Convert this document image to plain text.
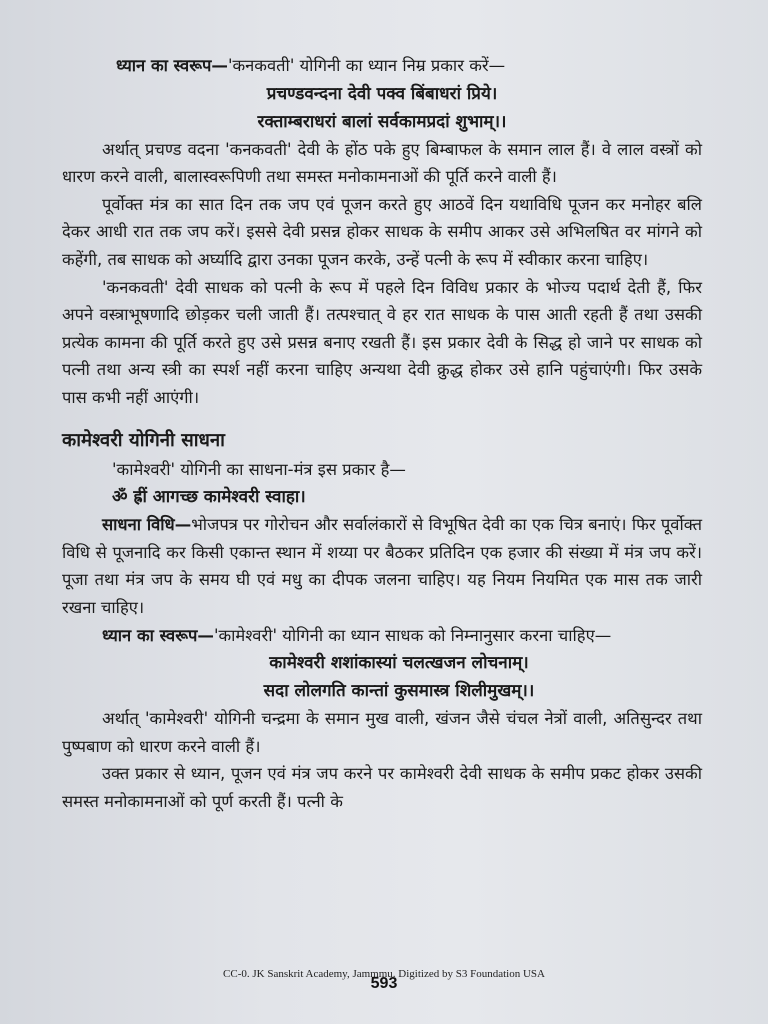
ध्यान का स्वरूप—'कनकवती' योगिनी का ध्यान निम्र प्रकार करें—
प्रचण्डवन्दना देवी पक्व बिंबाधरां प्रिये।
रक्ताम्बराधरां बालां सर्वकामप्रदां शुभाम्।।

अर्थात् प्रचण्ड वदना 'कनकवती' देवी के होंठ पके हुए बिम्बाफल के समान लाल हैं। वे लाल वस्त्रों को धारण करने वाली, बालास्वरूपिणी तथा समस्त मनोकामनाओं की पूर्ति करने वाली हैं।

पूर्वोक्त मंत्र का सात दिन तक जप एवं पूजन करते हुए आठवें दिन यथाविधि पूजन कर मनोहर बलि देकर आधी रात तक जप करें। इससे देवी प्रसन्न होकर साधक के समीप आकर उसे अभिलषित वर मांगने को कहेंगी, तब साधक को अर्घ्यादि द्वारा उनका पूजन करके, उन्हें पत्नी के रूप में स्वीकार करना चाहिए।

'कनकवती' देवी साधक को पत्नी के रूप में पहले दिन विविध प्रकार के भोज्य पदार्थ देती हैं, फिर अपने वस्त्राभूषणादि छोड़कर चली जाती हैं। तत्पश्चात् वे हर रात साधक के पास आती रहती हैं तथा उसकी प्रत्येक कामना की पूर्ति करते हुए उसे प्रसन्न बनाए रखती हैं। इस प्रकार देवी के सिद्ध हो जाने पर साधक को पत्नी तथा अन्य स्त्री का स्पर्श नहीं करना चाहिए अन्यथा देवी क्रुद्ध होकर उसे हानि पहुंचाएंगी। फिर उसके पास कभी नहीं आएंगी।

कामेश्वरी योगिनी साधना
'कामेश्वरी' योगिनी का साधना-मंत्र इस प्रकार है—
ॐ ह्रीं आगच्छ कामेश्वरी स्वाहा।

साधना विधि—भोजपत्र पर गोरोचन और सर्वालंकारों से विभूषित देवी का एक चित्र बनाएं। फिर पूर्वोक्त विधि से पूजनादि कर किसी एकान्त स्थान में शय्या पर बैठकर प्रतिदिन एक हजार की संख्या में मंत्र जप करें। पूजा तथा मंत्र जप के समय घी एवं मधु का दीपक जलना चाहिए। यह नियम नियमित एक मास तक जारी रखना चाहिए।

ध्यान का स्वरूप—'कामेश्वरी' योगिनी का ध्यान साधक को निम्नानुसार करना चाहिए—

कामेश्वरी शशांकास्यां चलत्खजन लोचनाम्।
सदा लोलगति कान्तां कुसमास्त्र शिलीमुखम्।।

अर्थात् 'कामेश्वरी' योगिनी चन्द्रमा के समान मुख वाली, खंजन जैसे चंचल नेत्रों वाली, अतिसुन्दर तथा पुष्पबाण को धारण करने वाली हैं।

उक्त प्रकार से ध्यान, पूजन एवं मंत्र जप करने पर कामेश्वरी देवी साधक के समीप प्रकट होकर उसकी समस्त मनोकामनाओं को पूर्ण करती हैं। पत्नी के

CC-0. JK Sanskrit Academy, Jammmu. Digitized by S3 Foundation USA
593
